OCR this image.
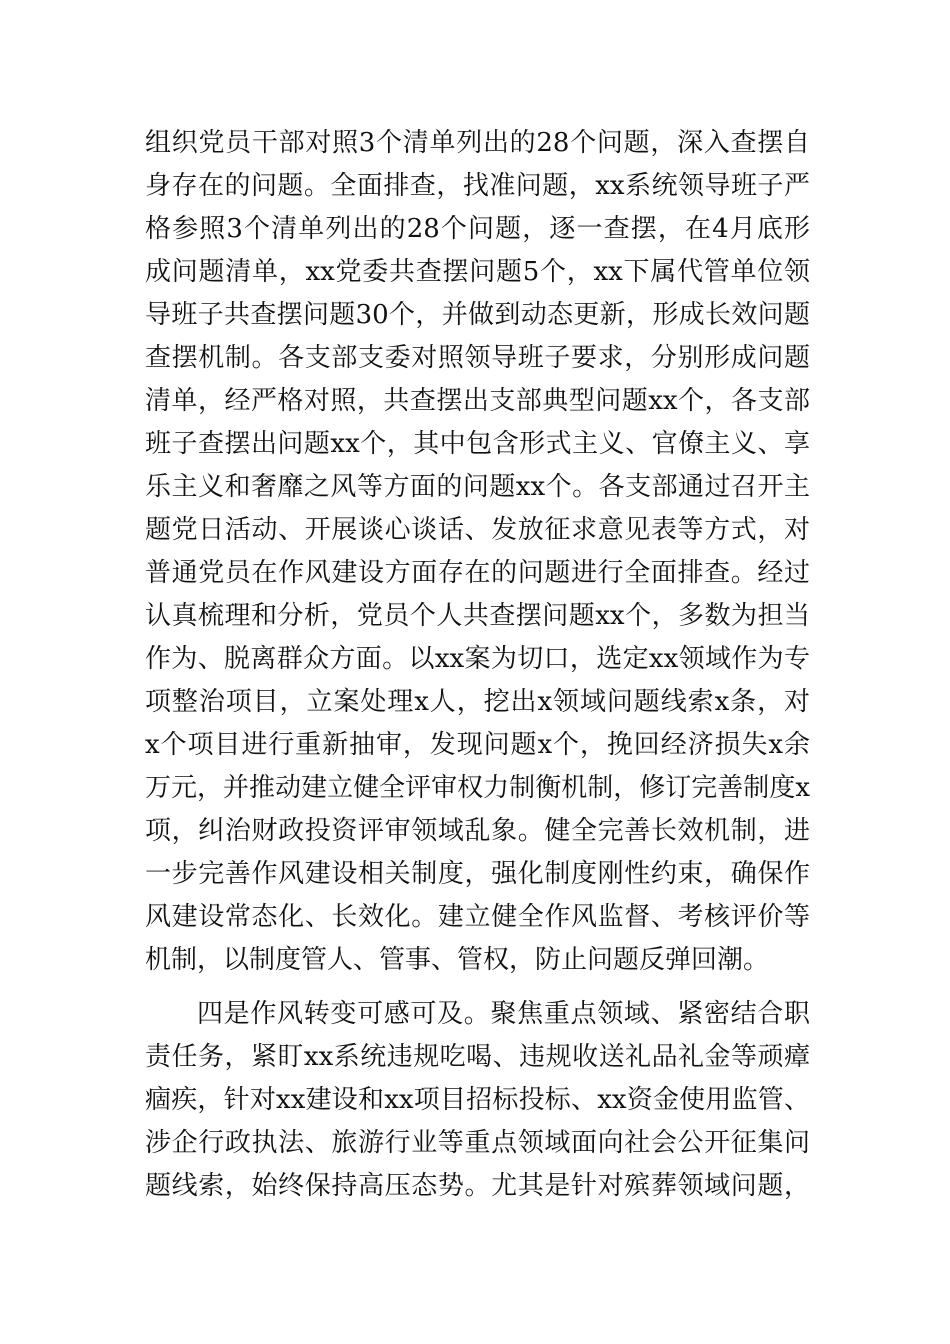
组织党员干部对照3个清单列出的28个问题，深入查摆自
身存在的问题。全面排查，找准问题，xx系统领导班子严
格参照3个清单列出的28个问题，逐一查摆，在4月底形
成问题清单，xx党委共查摆问题5个，xx下属代管单位领
导班子共查摆问题30个，并做到动态更新，形成长效问题
查摆机制。各支部支委对照领导班子要求，分别形成问题
清单，经严格对照，共查摆出支部典型问题xx个，各支部
班子查摆出问题xx个，其中包含形式主义、官僚主义、享
乐主义和奢靡之风等方面的问题xx个。各支部通过召开主
题党日活动、开展谈心谈话、发放征求意见表等方式，对
普通党员在作风建设方面存在的问题进行全面排查。经过
认真梳理和分析，党员个人共查摆问题xx个，多数为担当
作为、脱离群众方面。以xx案为切口，选定xx领域作为专
项整治项目，立案处理x人，挖出x领域问题线索x条，对
x个项目进行重新抽审，发现问题x个，挽回经济损失x余
万元，并推动建立健全评审权力制衡机制，修订完善制度x
项，纠治财政投资评审领域乱象。健全完善长效机制，进
一步完善作风建设相关制度，强化制度刚性约束，确保作
风建设常态化、长效化。建立健全作风监督、考核评价等
机制，以制度管人、管事、管权，防止问题反弹回潮。
四是作风转变可感可及。聚焦重点领域、紧密结合职
责任务，紧盯xx系统违规吃喝、违规收送礼品礼金等顽瘴
痼疾，针对xx建设和xx项目招标投标、xx资金使用监管、
涉企行政执法、旅游行业等重点领域面向社会公开征集问
题线索，始终保持高压态势。尤其是针对殡葬领域问题，
